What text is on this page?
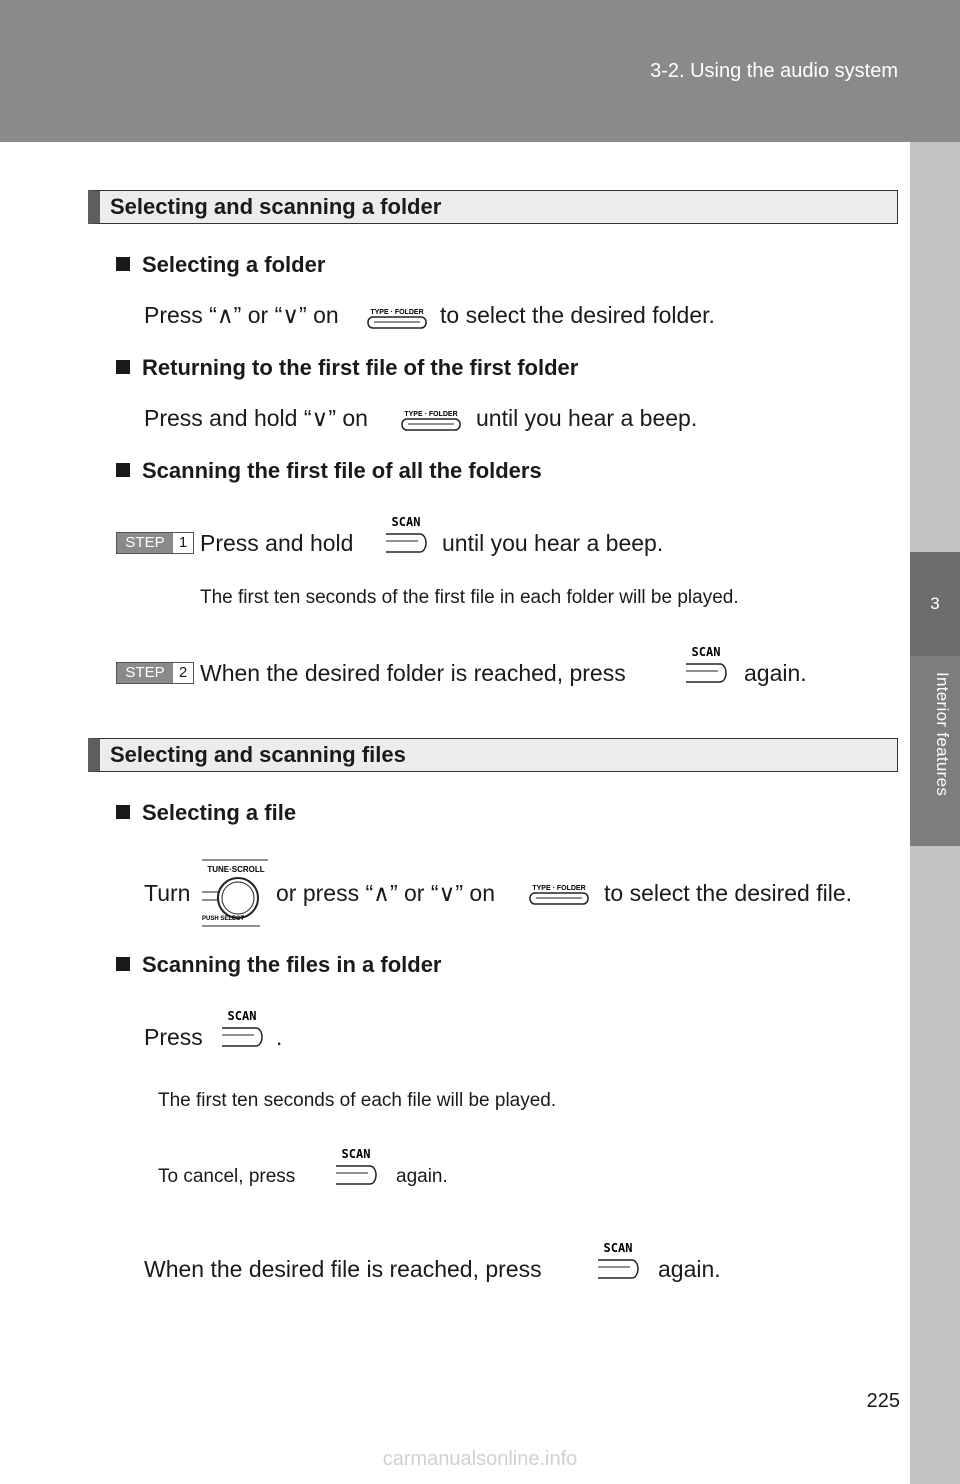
3-2. Using the audio system
3
Interior features
Selecting and scanning a folder
Selecting a folder
Press “∧” or “∨” on	TYPE · FOLDER to select the desired folder.
Returning to the first file of the first folder
Press and hold “∨” on	TYPE · FOLDER until you hear a beep.
Scanning the first file of all the folders
STEP 1 Press and hold
SCAN
until you hear a beep.
The first ten seconds of the first file in each folder will be played.
STEP 2 When the desired folder is reached, press
SCAN
again.
Selecting and scanning files
Selecting a file
Turn
TUNE·SCROLL
PUSH SELECT
or press “∧” or “∨” on	TYPE · FOLDER to select the desired file.
Scanning the files in a folder
Press
SCAN
.
The first ten seconds of each file will be played.
To cancel, press
SCAN
again.
When the desired file is reached, press
SCAN
again.
225
carmanualsonline.info
